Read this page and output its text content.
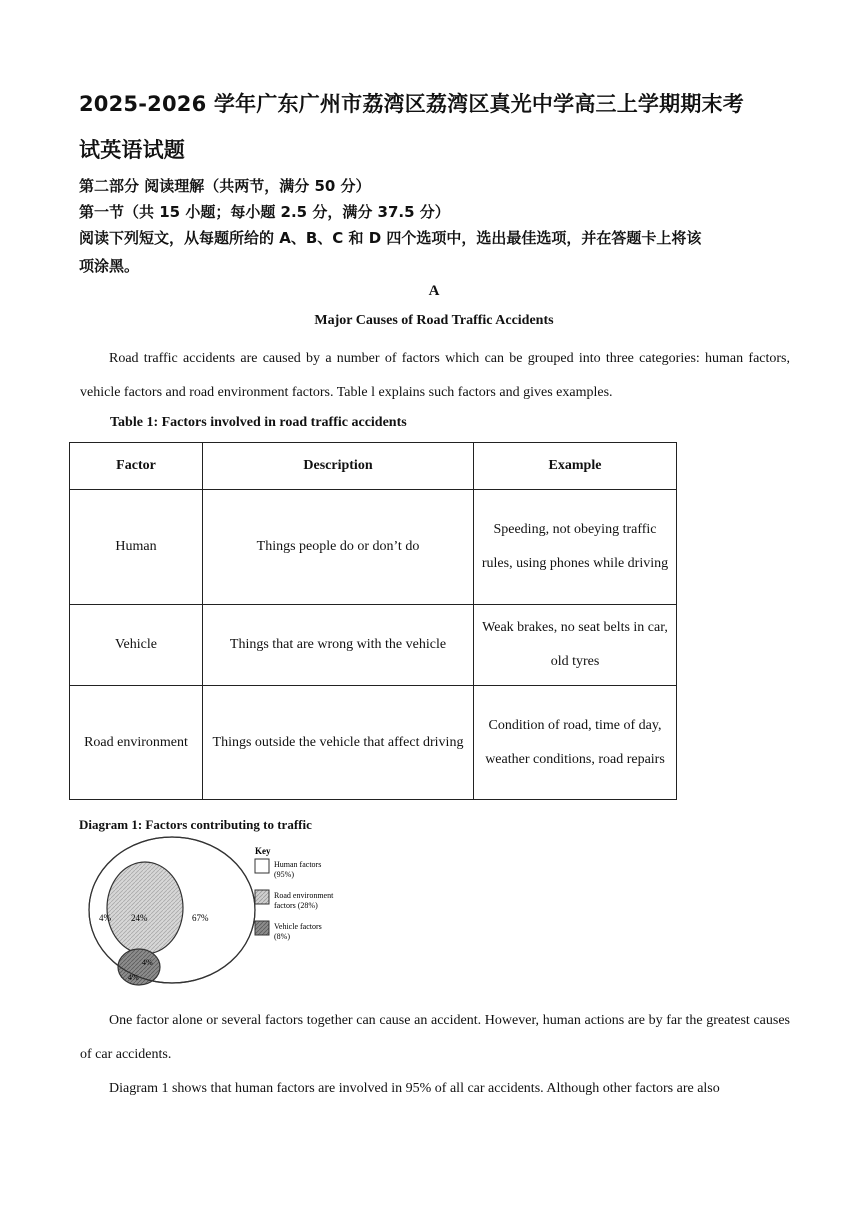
2025-2026 学年广东广州市荔湾区荔湾区真光中学高三上学期期末考
试英语试题
第二部分 阅读理解（共两节，满分 50 分）
第一节（共 15 小题；每小题 2.5 分，满分 37.5 分）
阅读下列短文，从每题所给的 A、B、C 和 D 四个选项中，选出最佳选项，并在答题卡上将该
项涂黑。
A
Major Causes of Road Traffic Accidents
Road traffic accidents are caused by a number of factors which can be grouped into three categories: human factors, vehicle factors and road environment factors. Table l explains such factors and gives examples.
Table 1: Factors involved in road traffic accidents
Factor	Description	Example
Human	Things people do or don’t do	Speeding, not obeying traffic rules, using phones while driving
Vehicle	Things that are wrong with the vehicle	Weak brakes, no seat belts in car, old tyres
Road environment	Things outside the vehicle that affect driving	Condition of road, time of day, weather conditions, road repairs
Diagram 1: Factors contributing to traffic
4% 24%	67%
4%
4%
Key
Human factors
(95%)
Road environment
factors (28%)
Vehicle factors
(8%)
One factor alone or several factors together can cause an accident. However, human actions are by far the greatest causes of car accidents.
Diagram 1 shows that human factors are involved in 95% of all car accidents. Although other factors are also
